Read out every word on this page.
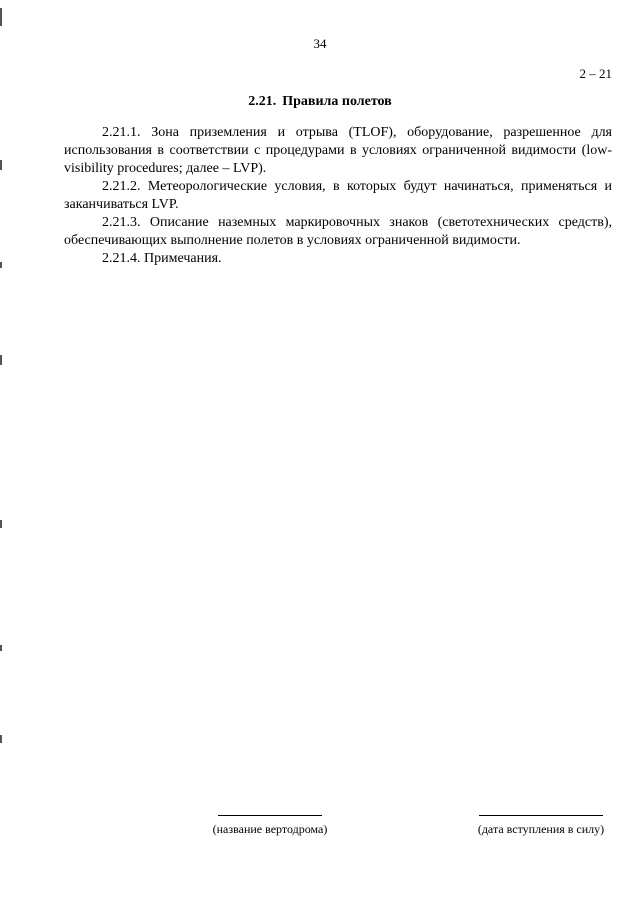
34
2 – 21
2.21. Правила полетов

2.21.1. Зона приземления и отрыва (TLOF), оборудование, разрешенное для использования в соответствии с процедурами в условиях ограниченной видимости (low-visibility procedures; далее – LVP).

2.21.2. Метеорологические условия, в которых будут начинаться, применяться и заканчиваться LVP.

2.21.3. Описание наземных маркировочных знаков (светотехнических средств), обеспечивающих выполнение полетов в условиях ограниченной видимости.

2.21.4. Примечания.

(название вертодрома)	(дата вступления в силу)
